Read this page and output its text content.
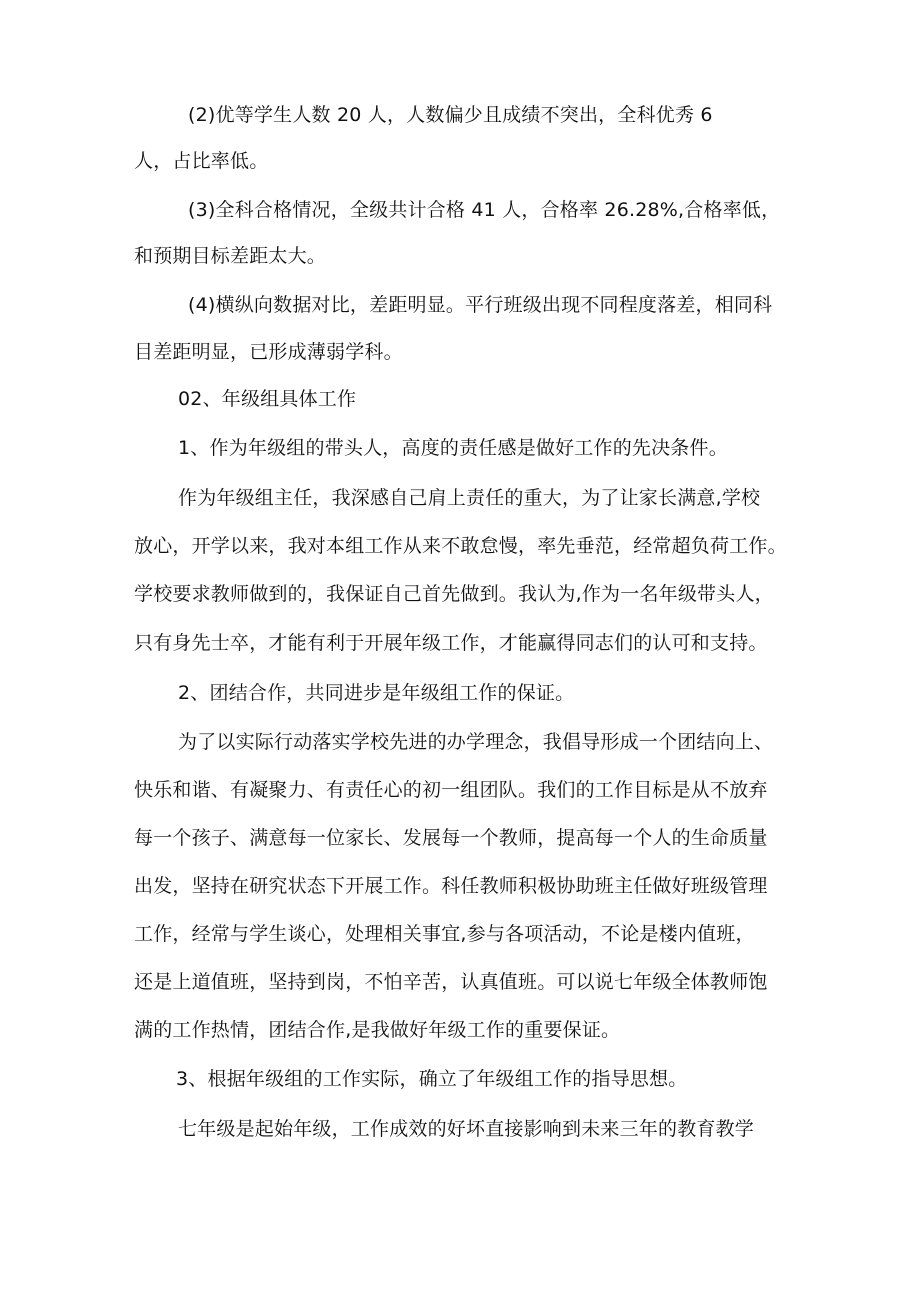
(2)优等学生人数 20 人，人数偏少且成绩不突出，全科优秀 6
人，占比率低。
(3)全科合格情况，全级共计合格 41 人，合格率 26.28%,合格率低，
和预期目标差距太大。
(4)横纵向数据对比，差距明显。平行班级出现不同程度落差，相同科
目差距明显，已形成薄弱学科。
02、年级组具体工作
1、作为年级组的带头人，高度的责任感是做好工作的先决条件。
作为年级组主任，我深感自己肩上责任的重大，为了让家长满意,学校
放心，开学以来，我对本组工作从来不敢怠慢，率先垂范，经常超负荷工作。
学校要求教师做到的，我保证自己首先做到。我认为,作为一名年级带头人，
只有身先士卒，才能有利于开展年级工作，才能赢得同志们的认可和支持。
2、团结合作，共同进步是年级组工作的保证。
为了以实际行动落实学校先进的办学理念，我倡导形成一个团结向上、
快乐和谐、有凝聚力、有责任心的初一组团队。我们的工作目标是从不放弃
每一个孩子、满意每一位家长、发展每一个教师，提高每一个人的生命质量
出发，坚持在研究状态下开展工作。科任教师积极协助班主任做好班级管理
工作，经常与学生谈心，处理相关事宜,参与各项活动，不论是楼内值班，
还是上道值班，坚持到岗，不怕辛苦，认真值班。可以说七年级全体教师饱
满的工作热情，团结合作,是我做好年级工作的重要保证。
3、根据年级组的工作实际，确立了年级组工作的指导思想。
七年级是起始年级，工作成效的好坏直接影响到未来三年的教育教学
